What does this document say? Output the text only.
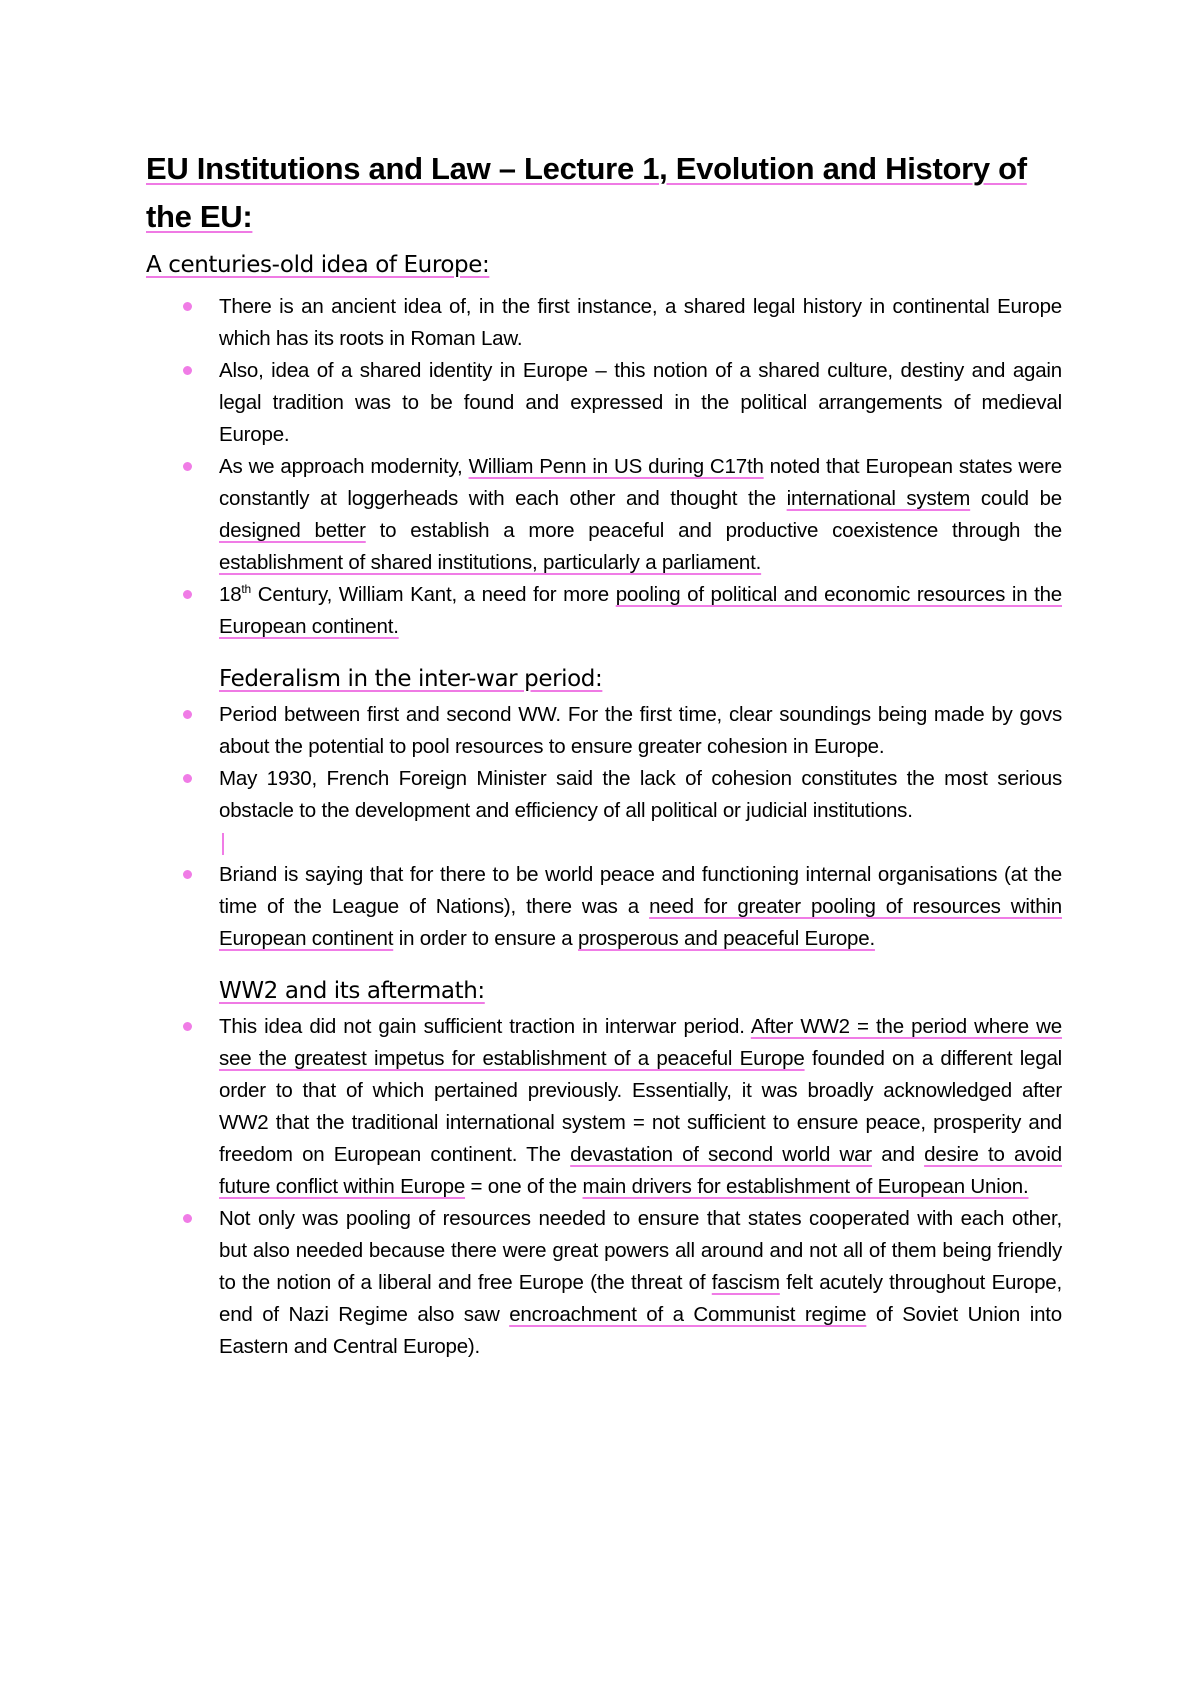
EU Institutions and Law – Lecture 1, Evolution and History of the EU:
A centuries-old idea of Europe:
There is an ancient idea of, in the first instance, a shared legal history in continental Europe which has its roots in Roman Law.
Also, idea of a shared identity in Europe – this notion of a shared culture, destiny and again legal tradition was to be found and expressed in the political arrangements of medieval Europe.
As we approach modernity, William Penn in US during C17th noted that European states were constantly at loggerheads with each other and thought the international system could be designed better to establish a more peaceful and productive coexistence through the establishment of shared institutions, particularly a parliament.
18th Century, William Kant, a need for more pooling of political and economic resources in the European continent.
Federalism in the inter-war period:
Period between first and second WW. For the first time, clear soundings being made by govs about the potential to pool resources to ensure greater cohesion in Europe.
May 1930, French Foreign Minister said the lack of cohesion constitutes the most serious obstacle to the development and efficiency of all political or judicial institutions.
Briand is saying that for there to be world peace and functioning internal organisations (at the time of the League of Nations), there was a need for greater pooling of resources within European continent in order to ensure a prosperous and peaceful Europe.
WW2 and its aftermath:
This idea did not gain sufficient traction in interwar period. After WW2 = the period where we see the greatest impetus for establishment of a peaceful Europe founded on a different legal order to that of which pertained previously. Essentially, it was broadly acknowledged after WW2 that the traditional international system = not sufficient to ensure peace, prosperity and freedom on European continent. The devastation of second world war and desire to avoid future conflict within Europe = one of the main drivers for establishment of European Union.
Not only was pooling of resources needed to ensure that states cooperated with each other, but also needed because there were great powers all around and not all of them being friendly to the notion of a liberal and free Europe (the threat of fascism felt acutely throughout Europe, end of Nazi Regime also saw encroachment of a Communist regime of Soviet Union into Eastern and Central Europe).
